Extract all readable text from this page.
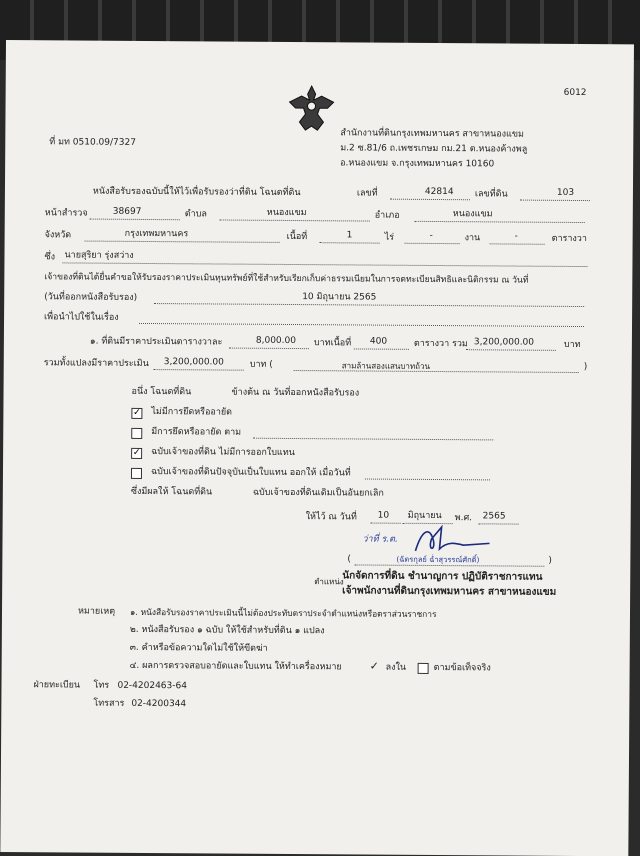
6012
ที่ มท 0510.09/7327
สำนักงานที่ดินกรุงเทพมหานคร สาขาหนองแขม
ม.2 ซ.81/6 ถ.เพชรเกษม กม.21 ต.หนองค้างพลู
อ.หนองแขม จ.กรุงเทพมหานคร 10160
หนังสือรับรองฉบับนี้ให้ไว้เพื่อรับรองว่าที่ดิน โฉนดที่ดิน	เลขที่	42814 เลขที่ดิน	103
หน้าสำรวจ	38697	ตำบล	หนองแขม	อำเภอ	หนองแขม
จังหวัด	กรุงเทพมหานคร	เนื้อที่	1	ไร่	-	งาน	-	ตารางวา
ซึ่ง นายสุริยา รุ่งสว่าง
เจ้าของที่ดินได้ยื่นคำขอให้รับรองราคาประเมินทุนทรัพย์ที่ใช้สำหรับเรียกเก็บค่าธรรมเนียมในการจดทะเบียนสิทธิและนิติกรรม ณ วันที่
(วันที่ออกหนังสือรับรอง)	10 มิถุนายน 2565
เพื่อนำไปใช้ในเรื่อง
๑. ที่ดินมีราคาประเมินตารางวาละ	8,000.00 บาทเนื้อที่ 400	ตารางวา รวม 3,200,000.00	บาท
รวมทั้งแปลงมีราคาประเมิน 3,200,000.00	บาท (	สามล้านสองแสนบาทถ้วน	)
อนึ่ง โฉนดที่ดิน	ข้างต้น ณ วันที่ออกหนังสือรับรอง
✓ ไม่มีการยึดหรืออายัด
มีการยึดหรืออายัด ตาม
✓ ฉบับเจ้าของที่ดิน ไม่มีการออกใบแทน
ฉบับเจ้าของที่ดินปัจจุบันเป็นใบแทน ออกให้ เมื่อวันที่
ซึ่งมีผลให้ โฉนดที่ดิน	ฉบับเจ้าของที่ดินเดิมเป็นอันยกเลิก
ให้ไว้ ณ วันที่ 10 มิถุนายน พ.ศ. 2565
ว่าที่ ร.ต.
(	(ฉัตรกุลย์ ฉ่ำสุวรรณ์ศักดิ์)	)
ตำแหน่ง
นักจัดการที่ดิน ชำนาญการ ปฏิบัติราชการแทน
เจ้าพนักงานที่ดินกรุงเทพมหานคร สาขาหนองแขม
หมายเหตุ ๑. หนังสือรับรองราคาประเมินนี้ไม่ต้องประทับตราประจำตำแหน่งหรือตราส่วนราชการ
๒. หนังสือรับรอง ๑ ฉบับ ให้ใช้สำหรับที่ดิน ๑ แปลง
๓. คำหรือข้อความใดไม่ใช้ให้ขีดฆ่า
๔. ผลการตรวจสอบอายัดและใบแทน ให้ทำเครื่องหมาย	✓ ลงใน	ตามข้อเท็จจริง
ฝ่ายทะเบียน โทร 02-4202463-64
โทรสาร 02-4200344
